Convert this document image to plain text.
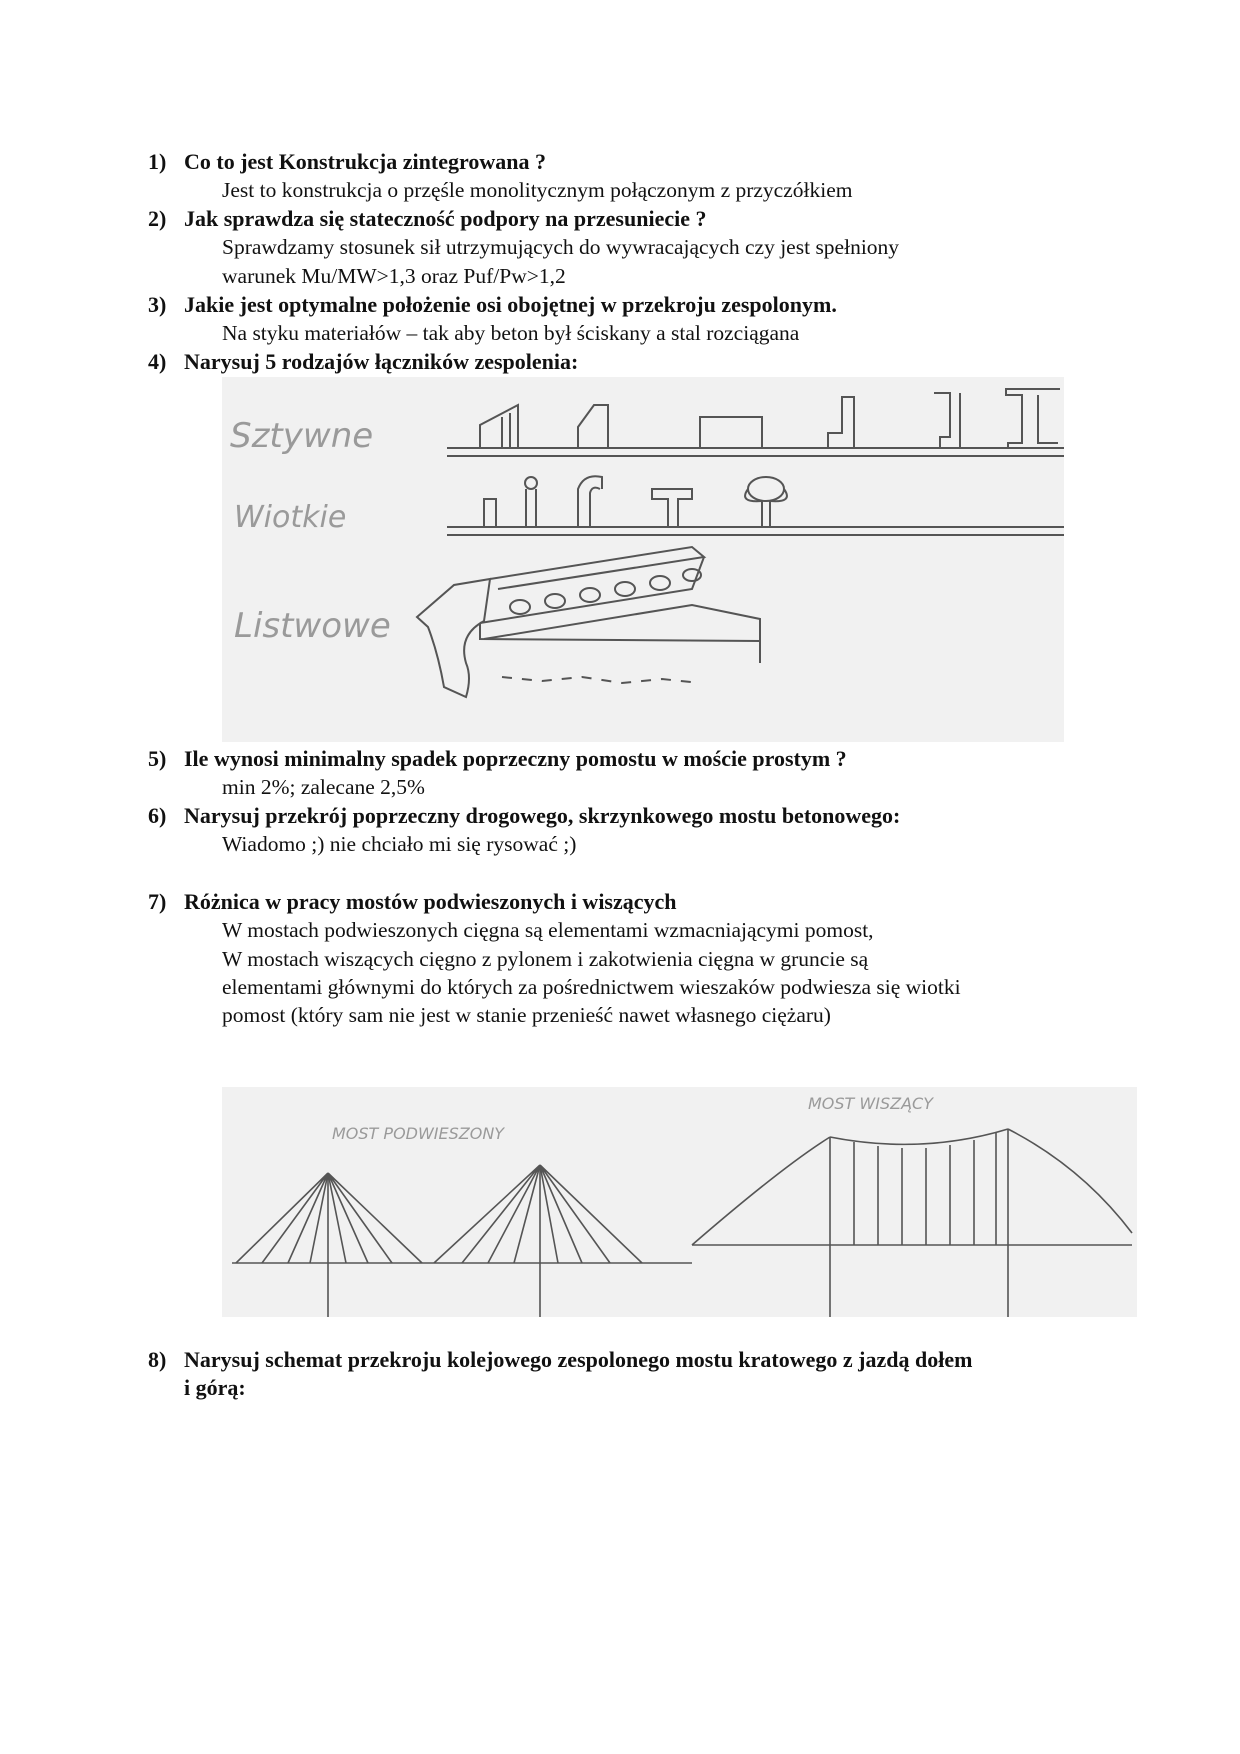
1) Co to jest Konstrukcja zintegrowana ?
Jest to konstrukcja o przęśle monolitycznym połączonym z przyczółkiem
2) Jak sprawdza się stateczność podpory na przesuniecie ?
Sprawdzamy stosunek sił utrzymujących do wywracających czy jest spełniony
warunek Mu/MW>1,3 oraz Puf/Pw>1,2
3) Jakie jest optymalne położenie osi obojętnej w przekroju zespolonym.
Na styku materiałów – tak aby beton był ściskany a stal rozciągana
4) Narysuj 5 rodzajów łączników zespolenia:
Sztywne
Wiotkie
Listwowe
5) Ile wynosi minimalny spadek poprzeczny pomostu w moście prostym ?
min 2%; zalecane 2,5%
6) Narysuj przekrój poprzeczny drogowego, skrzynkowego mostu betonowego:
Wiadomo ;) nie chciało mi się rysować ;)
7) Różnica w pracy mostów podwieszonych i wiszących
W mostach podwieszonych cięgna są elementami wzmacniającymi pomost,
W mostach wiszących cięgno z pylonem i zakotwienia cięgna w gruncie są
elementami głównymi do których za pośrednictwem wieszaków podwiesza się wiotki
pomost (który sam nie jest w stanie przenieść nawet własnego ciężaru)
MOST PODWIESZONY
MOST WISZĄCY
8) Narysuj schemat przekroju kolejowego zespolonego mostu kratowego z jazdą dołem
i górą:
